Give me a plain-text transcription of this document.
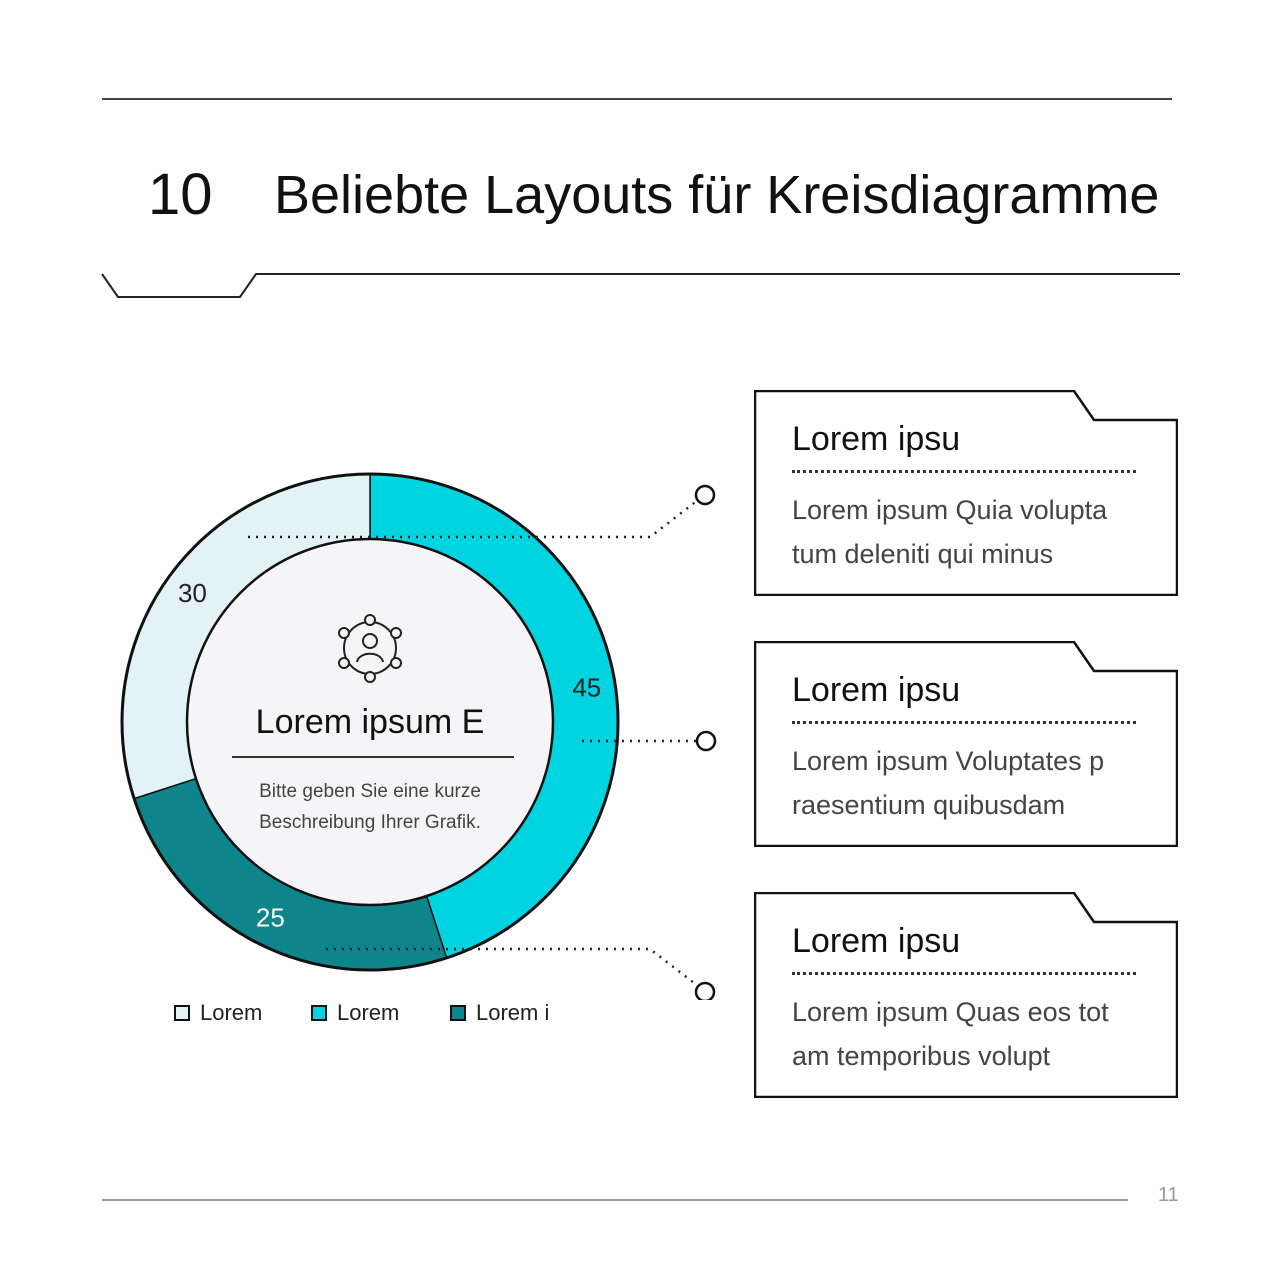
10 Beliebte Layouts für Kreisdiagramme
45
25
30
Lorem ipsum E
Bitte geben Sie eine kurze
Beschreibung Ihrer Grafik.
Lorem	Lorem	Lorem i
Lorem ipsu
Lorem ipsum Quia volupta
tum deleniti qui minus
Lorem ipsu
Lorem ipsum Voluptates p
raesentium quibusdam
Lorem ipsu
Lorem ipsum Quas eos tot
am temporibus volupt
11
